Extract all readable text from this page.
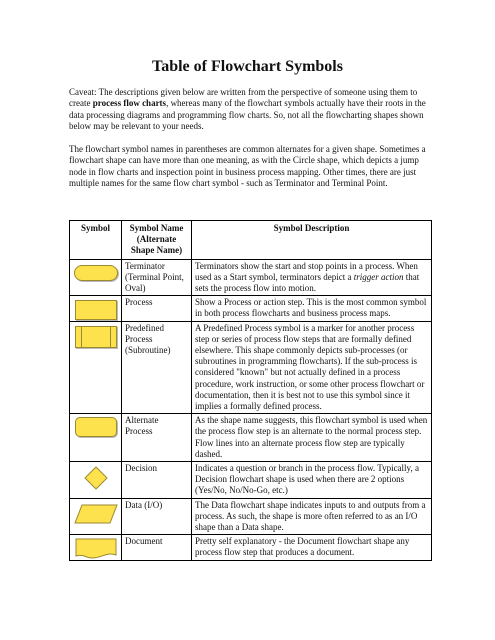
Table of Flowchart Symbols

Caveat: The descriptions given below are written from the perspective of someone using them to create process flow charts, whereas many of the flowchart symbols actually have their roots in the data processing diagrams and programming flow charts. So, not all the flowcharting shapes shown below may be relevant to your needs.

The flowchart symbol names in parentheses are common alternates for a given shape. Sometimes a flowchart shape can have more than one meaning, as with the Circle shape, which depicts a jump node in flow charts and inspection point in business process mapping. Other times, there are just multiple names for the same flow chart symbol - such as Terminator and Terminal Point.

Symbol	Symbol Name (Alternate Shape Name)	Symbol Description

	Terminator (Terminal Point, Oval)	Terminators show the start and stop points in a process. When used as a Start symbol, terminators depict a trigger action that sets the process flow into motion.

	Process	Show a Process or action step. This is the most common symbol in both process flowcharts and business process maps.

	Predefined Process (Subroutine)	A Predefined Process symbol is a marker for another process step or series of process flow steps that are formally defined elsewhere. This shape commonly depicts sub-processes (or subroutines in programming flowcharts). If the sub-process is considered "known" but not actually defined in a process procedure, work instruction, or some other process flowchart or documentation, then it is best not to use this symbol since it implies a formally defined process.

	Alternate Process	As the shape name suggests, this flowchart symbol is used when the process flow step is an alternate to the normal process step. Flow lines into an alternate process flow step are typically dashed.

	Decision	Indicates a question or branch in the process flow. Typically, a Decision flowchart shape is used when there are 2 options (Yes/No, No/No-Go, etc.)

	Data (I/O)	The Data flowchart shape indicates inputs to and outputs from a process. As such, the shape is more often referred to as an I/O shape than a Data shape.

	Document	Pretty self explanatory - the Document flowchart shape any process flow step that produces a document.
